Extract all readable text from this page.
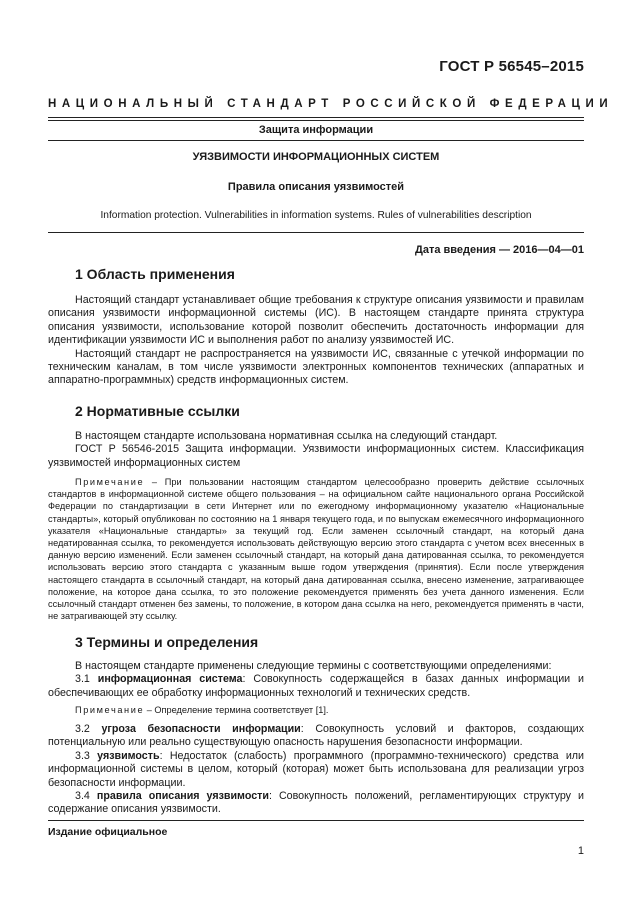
ГОСТ Р 56545–2015
НАЦИОНАЛЬНЫЙ СТАНДАРТ РОССИЙСКОЙ ФЕДЕРАЦИИ
Защита информации
УЯЗВИМОСТИ ИНФОРМАЦИОННЫХ СИСТЕМ
Правила описания уязвимостей
Information protection. Vulnerabilities in information systems. Rules of vulnerabilities description
Дата введения — 2016—04—01
1 Область применения

Настоящий стандарт устанавливает общие требования к структуре описания уязвимости и правилам описания уязвимости информационной системы (ИС). В настоящем стандарте принята структура описания уязвимости, использование которой позволит обеспечить достаточность информации для идентификации уязвимости ИС и выполнения работ по анализу уязвимостей ИС.

Настоящий стандарт не распространяется на уязвимости ИС, связанные с утечкой информации по техническим каналам, в том числе уязвимости электронных компонентов технических (аппаратных и аппаратно-программных) средств информационных систем.

2 Нормативные ссылки

В настоящем стандарте использована нормативная ссылка на следующий стандарт.

ГОСТ Р 56546-2015 Защита информации. Уязвимости информационных систем. Классификация уязвимостей информационных систем

Примечание – При пользовании настоящим стандартом целесообразно проверить действие ссылочных стандартов в информационной системе общего пользования – на официальном сайте национального органа Российской Федерации по стандартизации в сети Интернет или по ежегодному информационному указателю «Национальные стандарты», который опубликован по состоянию на 1 января текущего года, и по выпускам ежемесячного информационного указателя «Национальные стандарты» за текущий год. Если заменен ссылочный стандарт, на который дана недатированная ссылка, то рекомендуется использовать действующую версию этого стандарта с учетом всех внесенных в данную версию изменений. Если заменен ссылочный стандарт, на который дана датированная ссылка, то рекомендуется использовать версию этого стандарта с указанным выше годом утверждения (принятия). Если после утверждения настоящего стандарта в ссылочный стандарт, на который дана датированная ссылка, внесено изменение, затрагивающее положение, на которое дана ссылка, то это положение рекомендуется применять без учета данного изменения. Если ссылочный стандарт отменен без замены, то положение, в котором дана ссылка на него, рекомендуется применять в части, не затрагивающей эту ссылку.

3 Термины и определения

В настоящем стандарте применены следующие термины с соответствующими определениями:

3.1 информационная система: Совокупность содержащейся в базах данных информации и обеспечивающих ее обработку информационных технологий и технических средств.

Примечание – Определение термина соответствует [1].

3.2 угроза безопасности информации: Совокупность условий и факторов, создающих потенциальную или реально существующую опасность нарушения безопасности информации.

3.3 уязвимость: Недостаток (слабость) программного (программно-технического) средства или информационной системы в целом, который (которая) может быть использована для реализации угроз безопасности информации.

3.4 правила описания уязвимости: Совокупность положений, регламентирующих структуру и содержание описания уязвимости.

Издание официальное
1
